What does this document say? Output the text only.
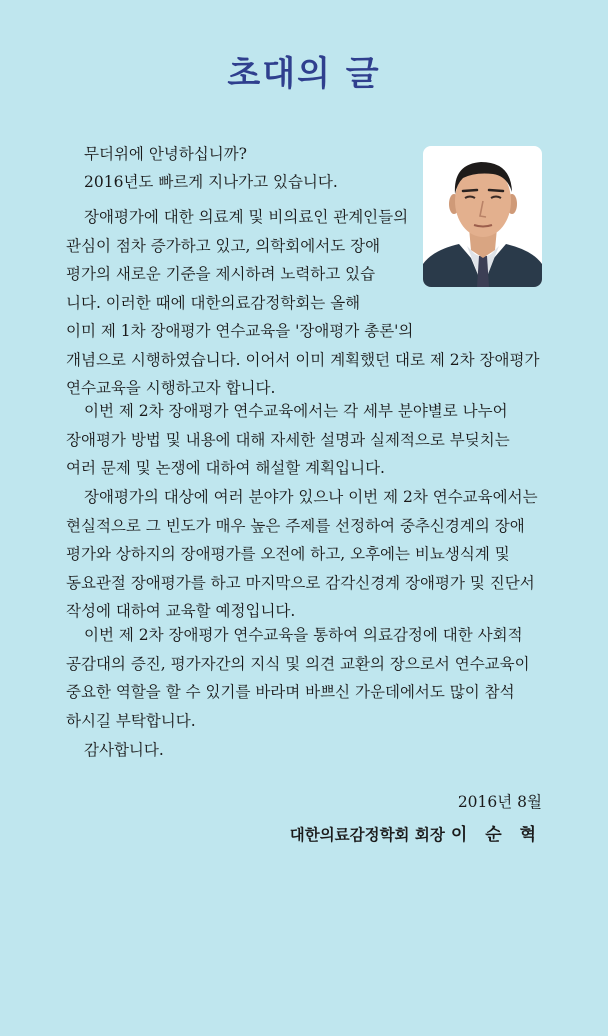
초대의 글

무더위에 안녕하십니까?

2016년도 빠르게 지나가고 있습니다.

장애평가에 대한 의료계 및 비의료인 관계인들의
관심이 점차 증가하고 있고, 의학회에서도 장애
평가의 새로운 기준을 제시하려 노력하고 있습
니다. 이러한 때에 대한의료감정학회는 올해
이미 제 1차 장애평가 연수교육을 '장애평가 총론'의
개념으로 시행하였습니다. 이어서 이미 계획했던 대로 제 2차 장애평가
연수교육을 시행하고자 합니다.
이번 제 2차 장애평가 연수교육에서는 각 세부 분야별로 나누어
장애평가 방법 및 내용에 대해 자세한 설명과 실제적으로 부딪치는
여러 문제 및 논쟁에 대하여 해설할 계획입니다.
장애평가의 대상에 여러 분야가 있으나 이번 제 2차 연수교육에서는
현실적으로 그 빈도가 매우 높은 주제를 선정하여 중추신경계의 장애
평가와 상하지의 장애평가를 오전에 하고, 오후에는 비뇨생식계 및
동요관절 장애평가를 하고 마지막으로 감각신경계 장애평가 및 진단서
작성에 대하여 교육할 예정입니다.
이번 제 2차 장애평가 연수교육을 통하여 의료감정에 대한 사회적
공감대의 증진, 평가자간의 지식 및 의견 교환의 장으로서 연수교육이
중요한 역할을 할 수 있기를 바라며 바쁘신 가운데에서도 많이 참석
하시길 부탁합니다.

감사합니다.

2016년 8월

대한의료감정학회 회장 이 순 혁
